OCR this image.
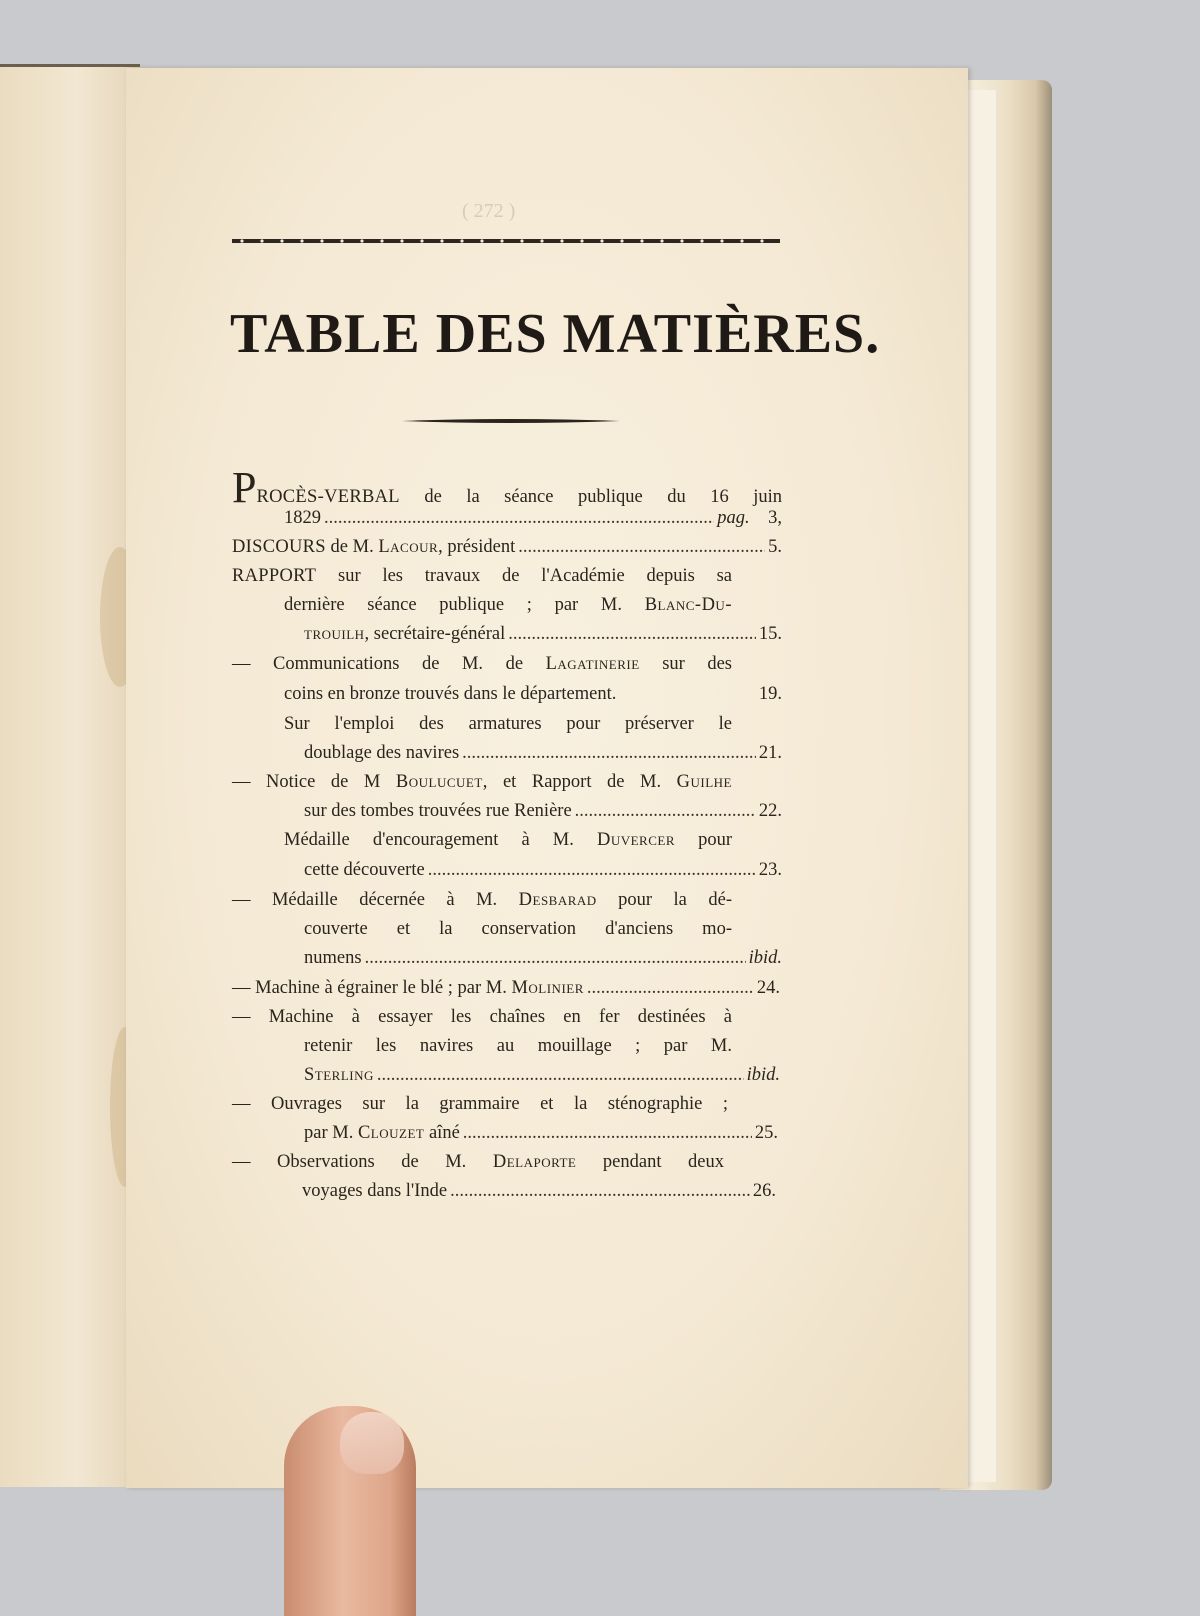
( 272 )
TABLE DES MATIÈRES.
PROCÈS-VERBAL de la séance publique du 16 juin
1829 .....	pag. 3,
DISCOURS de M. Lacour, président .....	5.
RAPPORT sur les travaux de l'Académie depuis sa
dernière séance publique ; par M. Blanc-Du-
trouilh, secrétaire-général .....	15.
— Communications de M. de Lagatinerie sur des
coins en bronze trouvés dans le département.	19.
Sur l'emploi des armatures pour préserver le
doublage des navires .....	21.
— Notice de M Boulucuet, et Rapport de M. Guilhe
sur des tombes trouvées rue Renière .....	22.
Médaille d'encouragement à M. Duvercer pour
cette découverte .....	23.
— Médaille décernée à M. Desbarad pour la dé-
couverte et la conservation d'anciens mo-
numens .....	ibid.
— Machine à égrainer le blé ; par M. Molinier .....	24.
— Machine à essayer les chaînes en fer destinées à
retenir les navires au mouillage ; par M.
Sterling .....	ibid.
— Ouvrages sur la grammaire et la sténographie ;
par M. Clouzet aîné .....	25.
— Observations de M. Delaporte pendant deux
voyages dans l'Inde .....	26.
